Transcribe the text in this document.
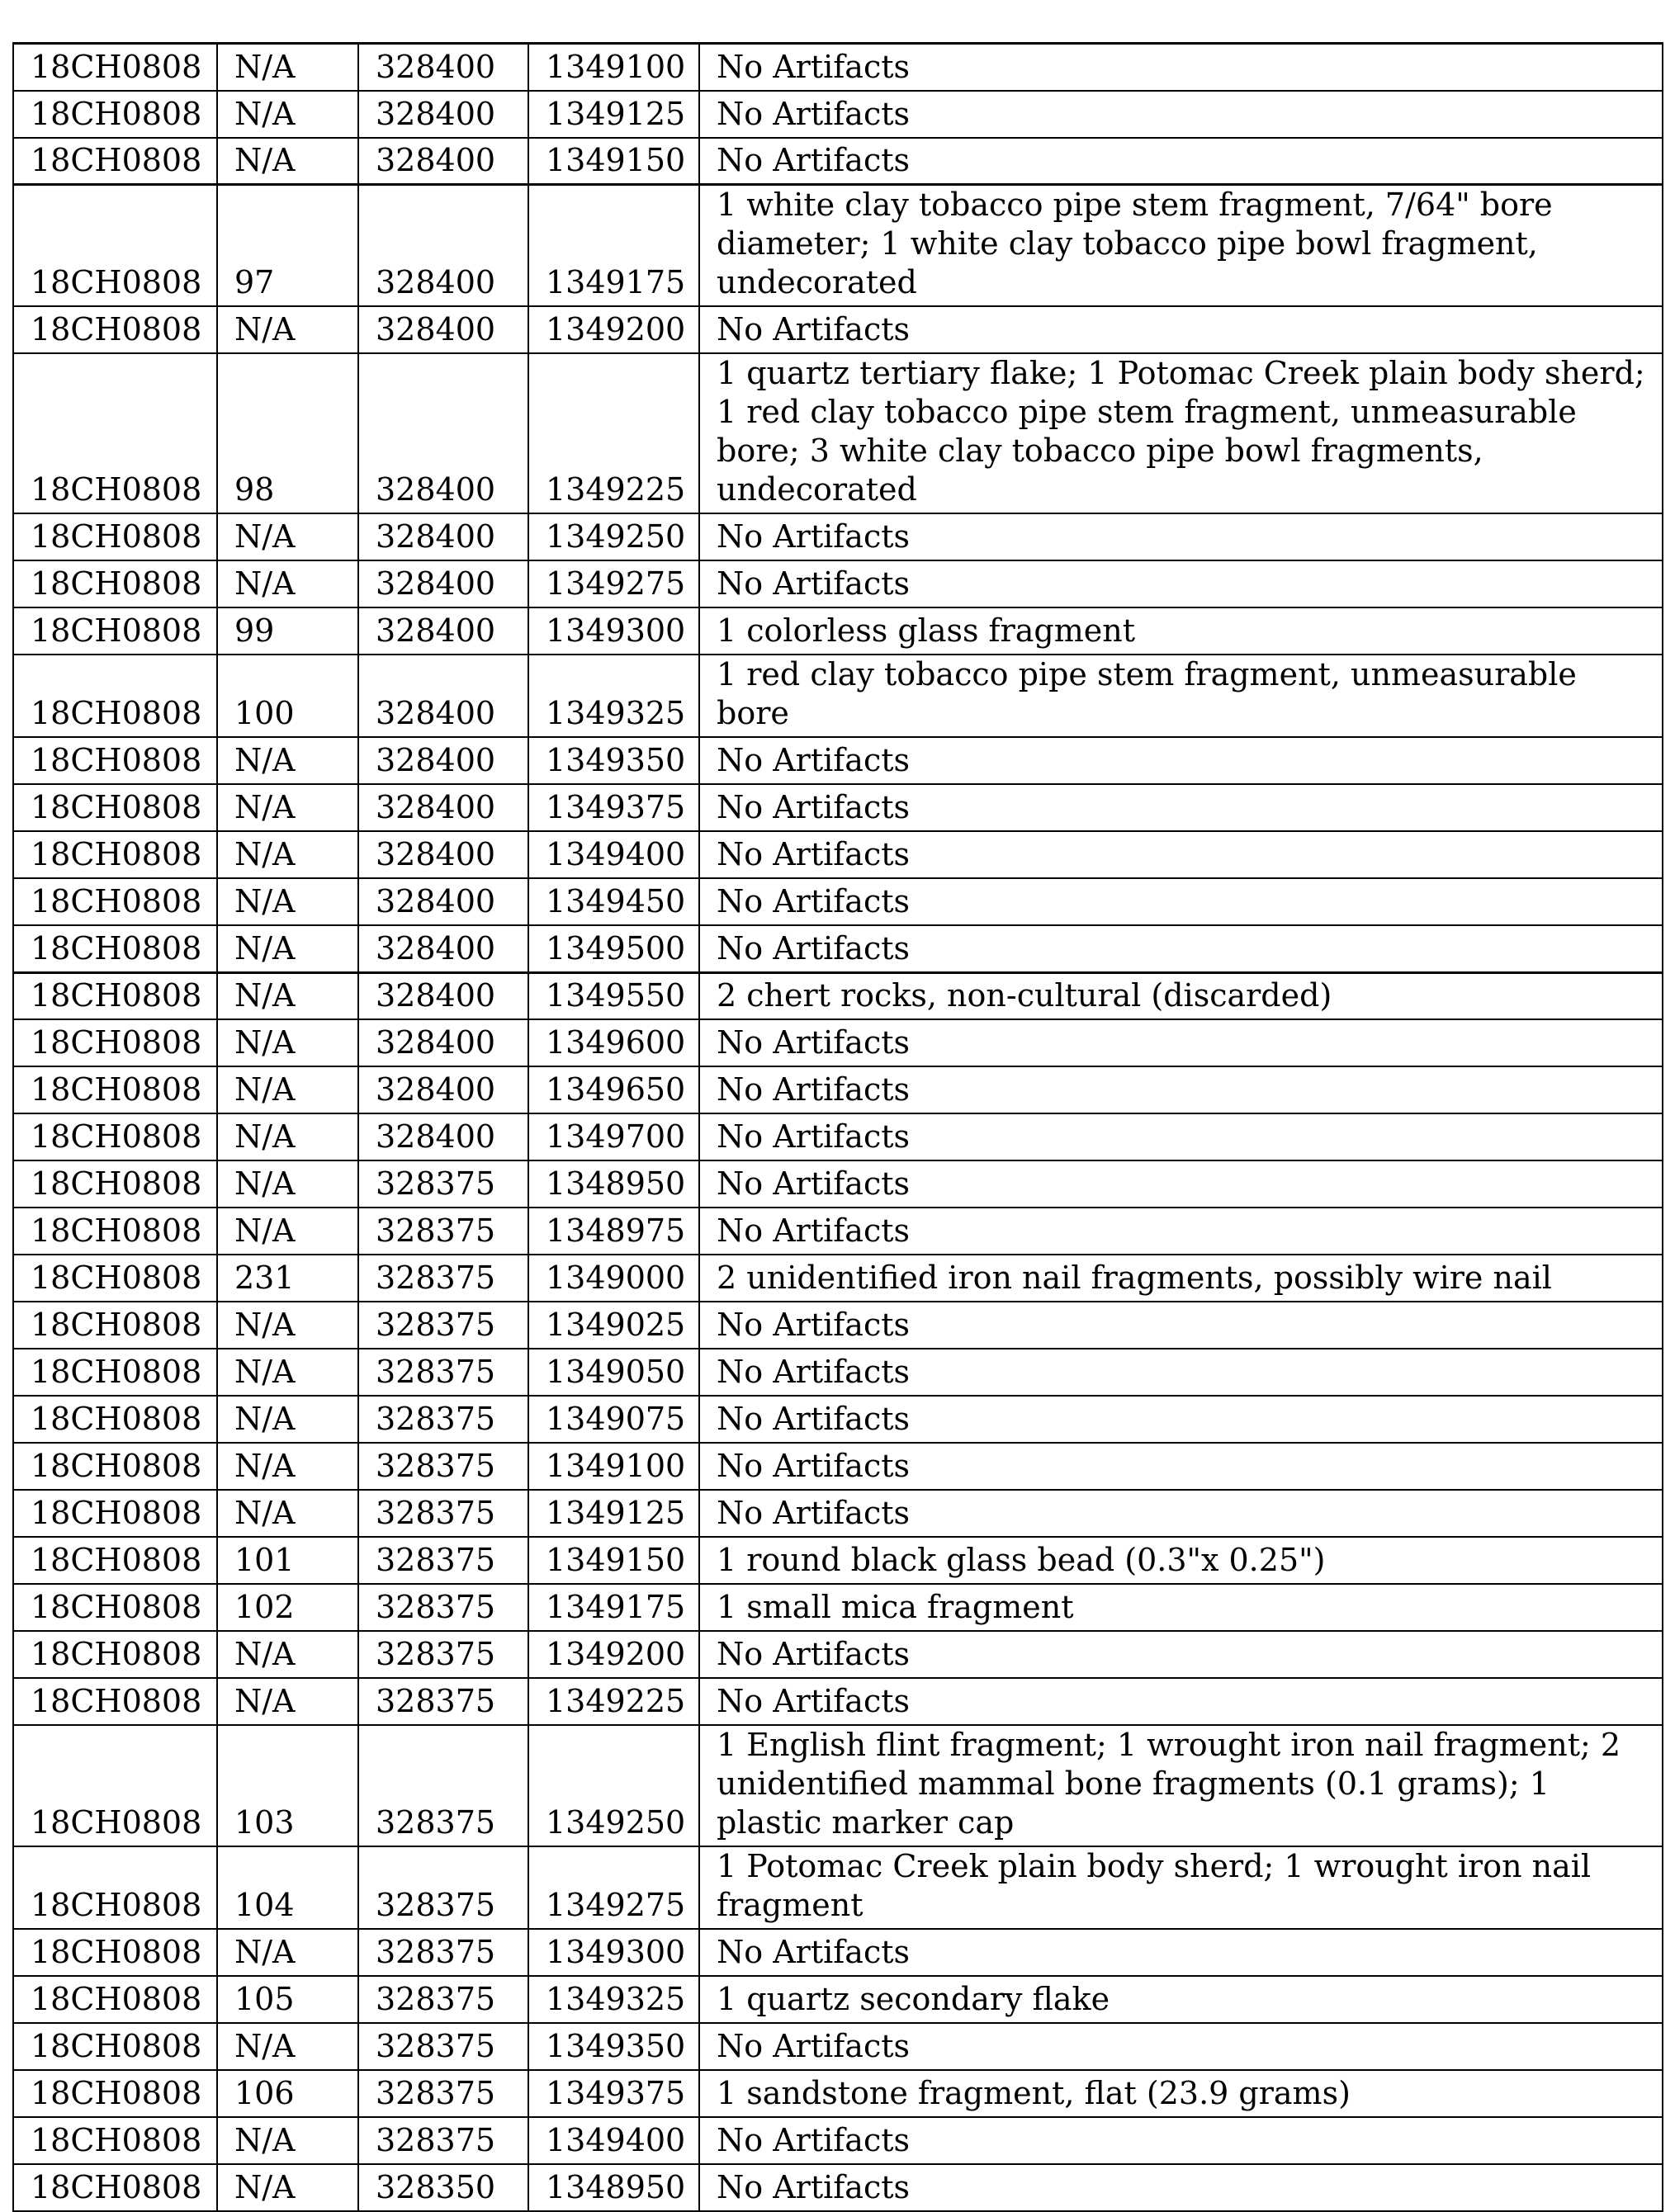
18CH0808	N/A	328400	1349100	No Artifacts
18CH0808	N/A	328400	1349125	No Artifacts
18CH0808	N/A	328400	1349150	No Artifacts
18CH0808	97	328400	1349175	1 white clay tobacco pipe stem fragment, 7/64" bore diameter; 1 white clay tobacco pipe bowl fragment, undecorated
18CH0808	N/A	328400	1349200	No Artifacts
18CH0808	98	328400	1349225	1 quartz tertiary flake; 1 Potomac Creek plain body sherd; 1 red clay tobacco pipe stem fragment, unmeasurable bore; 3 white clay tobacco pipe bowl fragments, undecorated
18CH0808	N/A	328400	1349250	No Artifacts
18CH0808	N/A	328400	1349275	No Artifacts
18CH0808	99	328400	1349300	1 colorless glass fragment
18CH0808	100	328400	1349325	1 red clay tobacco pipe stem fragment, unmeasurable bore
18CH0808	N/A	328400	1349350	No Artifacts
18CH0808	N/A	328400	1349375	No Artifacts
18CH0808	N/A	328400	1349400	No Artifacts
18CH0808	N/A	328400	1349450	No Artifacts
18CH0808	N/A	328400	1349500	No Artifacts
18CH0808	N/A	328400	1349550	2 chert rocks, non-cultural (discarded)
18CH0808	N/A	328400	1349600	No Artifacts
18CH0808	N/A	328400	1349650	No Artifacts
18CH0808	N/A	328400	1349700	No Artifacts
18CH0808	N/A	328375	1348950	No Artifacts
18CH0808	N/A	328375	1348975	No Artifacts
18CH0808	231	328375	1349000	2 unidentified iron nail fragments, possibly wire nail
18CH0808	N/A	328375	1349025	No Artifacts
18CH0808	N/A	328375	1349050	No Artifacts
18CH0808	N/A	328375	1349075	No Artifacts
18CH0808	N/A	328375	1349100	No Artifacts
18CH0808	N/A	328375	1349125	No Artifacts
18CH0808	101	328375	1349150	1 round black glass bead (0.3"x 0.25")
18CH0808	102	328375	1349175	1 small mica fragment
18CH0808	N/A	328375	1349200	No Artifacts
18CH0808	N/A	328375	1349225	No Artifacts
18CH0808	103	328375	1349250	1 English flint fragment; 1 wrought iron nail fragment; 2 unidentified mammal bone fragments (0.1 grams); 1 plastic marker cap
18CH0808	104	328375	1349275	1 Potomac Creek plain body sherd; 1 wrought iron nail fragment
18CH0808	N/A	328375	1349300	No Artifacts
18CH0808	105	328375	1349325	1 quartz secondary flake
18CH0808	N/A	328375	1349350	No Artifacts
18CH0808	106	328375	1349375	1 sandstone fragment, flat (23.9 grams)
18CH0808	N/A	328375	1349400	No Artifacts
18CH0808	N/A	328350	1348950	No Artifacts
